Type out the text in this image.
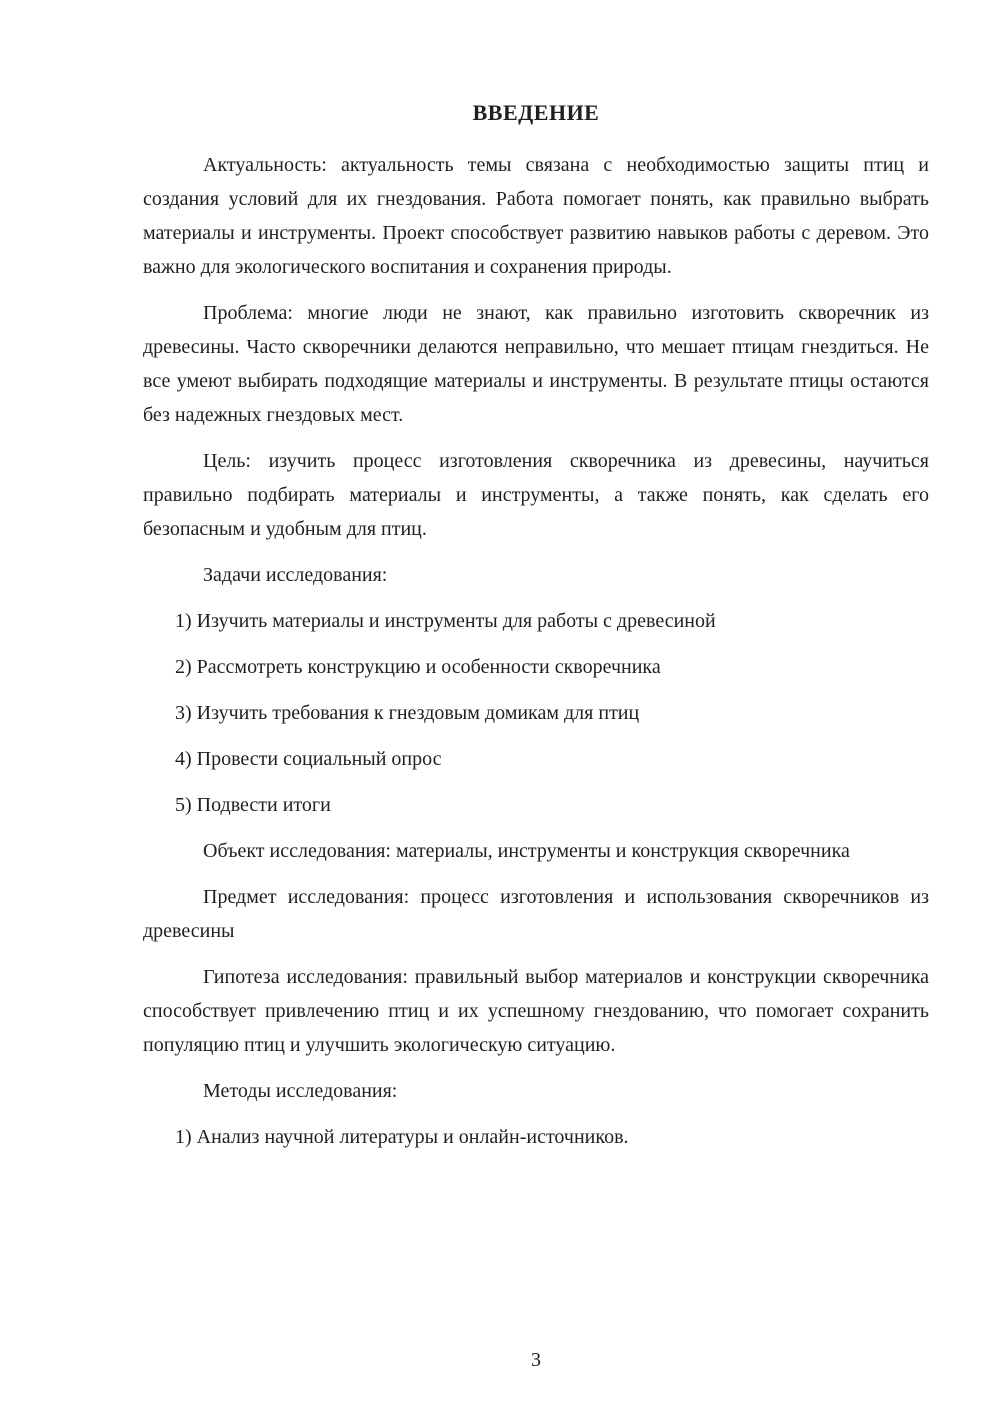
ВВЕДЕНИЕ

Актуальность: актуальность темы связана с необходимостью защиты птиц и создания условий для их гнездования. Работа помогает понять, как правильно выбрать материалы и инструменты. Проект способствует развитию навыков работы с деревом. Это важно для экологического воспитания и сохранения природы.

Проблема: многие люди не знают, как правильно изготовить скворечник из древесины. Часто скворечники делаются неправильно, что мешает птицам гнездиться. Не все умеют выбирать подходящие материалы и инструменты. В результате птицы остаются без надежных гнездовых мест.

Цель: изучить процесс изготовления скворечника из древесины, научиться правильно подбирать материалы и инструменты, а также понять, как сделать его безопасным и удобным для птиц.

Задачи исследования:

1) Изучить материалы и инструменты для работы с древесиной

2) Рассмотреть конструкцию и особенности скворечника

3) Изучить требования к гнездовым домикам для птиц

4) Провести социальный опрос

5) Подвести итоги

Объект исследования: материалы, инструменты и конструкция скворечника

Предмет исследования: процесс изготовления и использования скворечников из древесины

Гипотеза исследования: правильный выбор материалов и конструкции скворечника способствует привлечению птиц и их успешному гнездованию, что помогает сохранить популяцию птиц и улучшить экологическую ситуацию.

Методы исследования:

1) Анализ научной литературы и онлайн-источников.

3
